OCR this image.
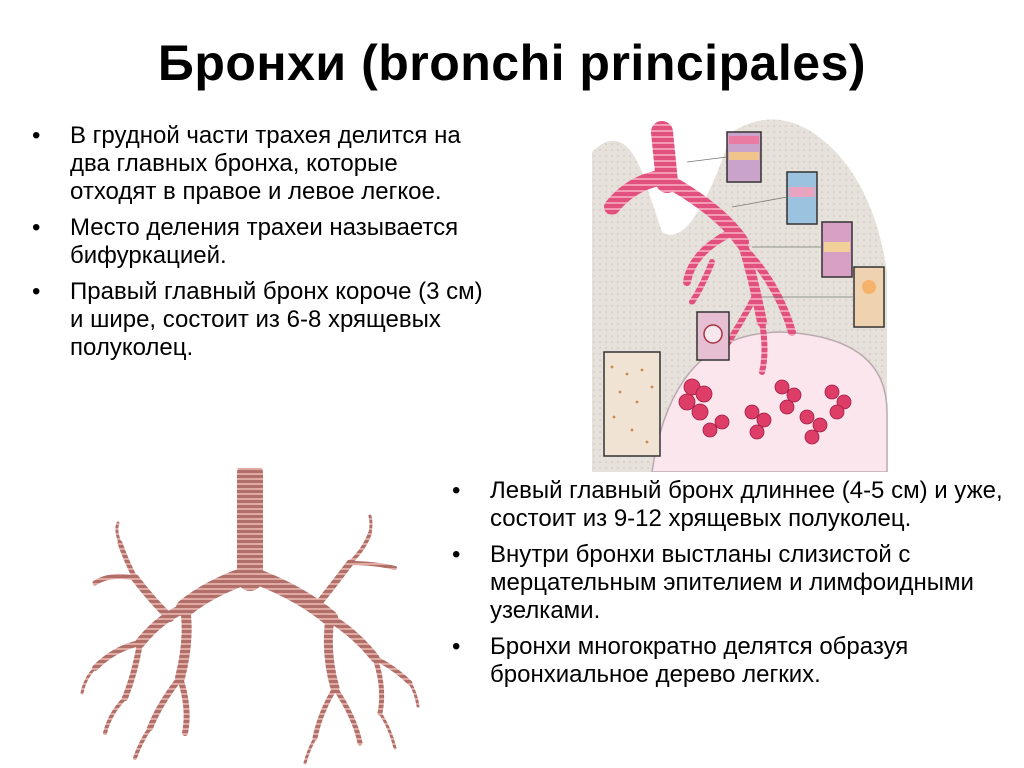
Бронхи (bronchi principales)
•	В грудной части трахея делится на два главных бронха, которые отходят в правое и левое легкое.
•	Место деления трахеи называется бифуркацией.
•	Правый главный бронх короче (3 см) и шире, состоит из 6-8 хрящевых полуколец.
•	Левый главный бронх длиннее (4-5 см) и уже, состоит из 9-12 хрящевых полуколец.
•	Внутри бронхи выстланы слизистой с мерцательным эпителием и лимфоидными узелками.
•	Бронхи многократно делятся образуя бронхиальное дерево легких.
